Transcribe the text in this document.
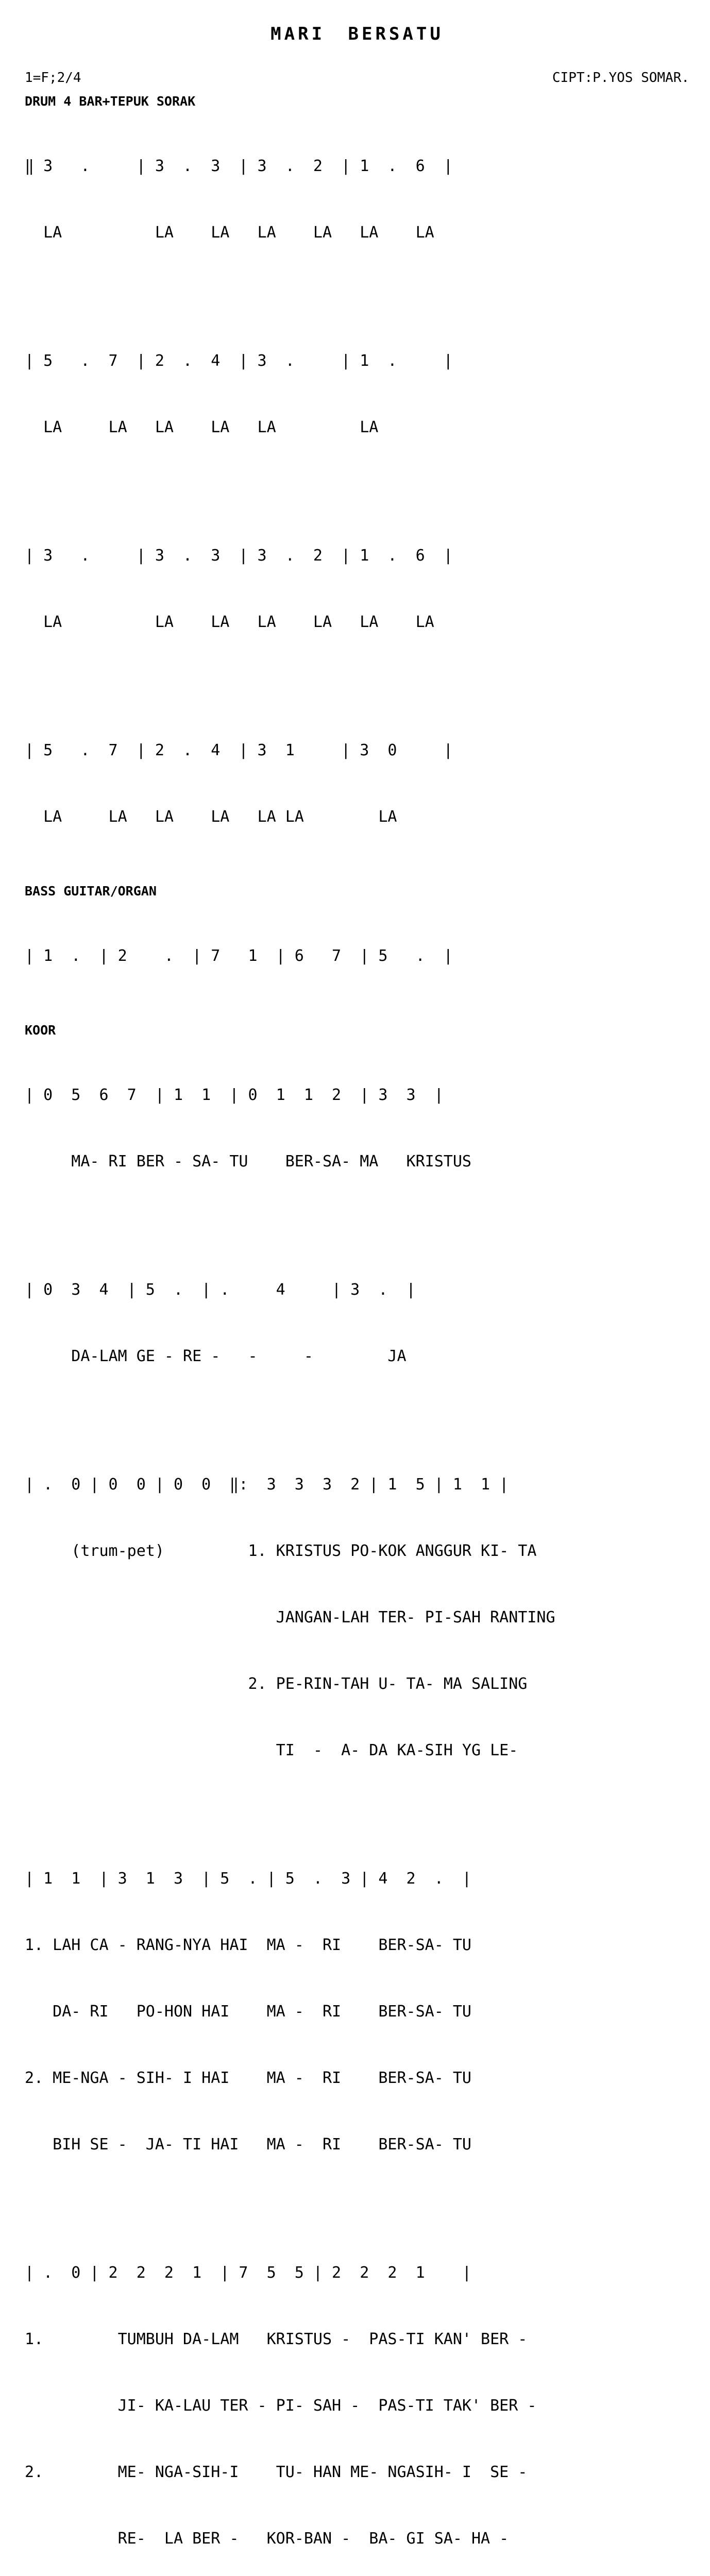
MARI BERSATU
1=F;2/4	CIPT:P.YOS SOMAR.
DRUM 4 BAR+TEPUK SORAK

‖ 3   .     | 3  .  3  | 3  .  2  | 1  .  6  |

LA          LA    LA   LA    LA   LA    LA

| 5   .  7  | 2  .  4  | 3  .     | 1  .     |

LA     LA   LA    LA   LA         LA

| 3   .     | 3  .  3  | 3  .  2  | 1  .  6  |

LA          LA    LA   LA    LA   LA    LA

| 5   .  7  | 2  .  4  | 3  1     | 3  0     |

LA     LA   LA    LA   LA LA        LA

BASS GUITAR/ORGAN

| 1  .  | 2    .  | 7   1  | 6   7  | 5   .  |

KOOR

| 0  5  6  7  | 1  1  | 0  1  1  2  | 3  3  |

MA- RI BER - SA- TU    BER-SA- MA   KRISTUS

| 0  3  4  | 5  .  | .     4     | 3  .  |

DA-LAM GE - RE -   -     -        JA

| .  0 | 0  0 | 0  0  ‖:  3  3  3  2 | 1  5 | 1  1 |

(trum-pet)         1. KRISTUS PO-KOK ANGGUR KI- TA

JANGAN-LAH TER- PI-SAH RANTING

2. PE-RIN-TAH U- TA- MA SALING

TI  -  A- DA KA-SIH YG LE-

| 1  1  | 3  1  3  | 5  . | 5  .  3 | 4  2  .  |

1. LAH CA - RANG-NYA HAI  MA -  RI    BER-SA- TU

DA- RI   PO-HON HAI    MA -  RI    BER-SA- TU

2. ME-NGA - SIH- I HAI    MA -  RI    BER-SA- TU

BIH SE -  JA- TI HAI   MA -  RI    BER-SA- TU

| .  0 | 2  2  2  1  | 7  5  5 | 2  2  2  1    |

1.        TUMBUH DA-LAM   KRISTUS -  PAS-TI KAN' BER -

JI- KA-LAU TER - PI- SAH -  PAS-TI TAK' BER -

2.        ME- NGA-SIH-I    TU- HAN ME- NGASIH- I  SE -

RE-  LA BER -   KOR-BAN -  BA- GI SA- HA -
